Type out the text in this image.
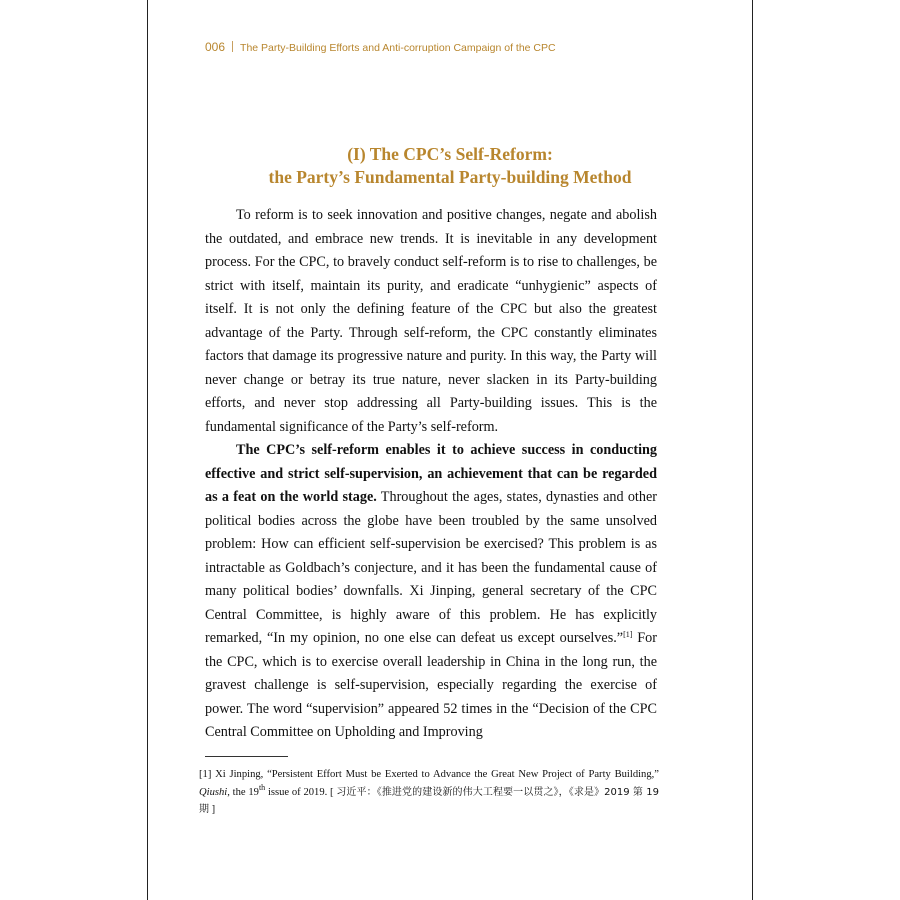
006 The Party-Building Efforts and Anti-corruption Campaign of the CPC
(I) The CPC’s Self-Reform:
the Party’s Fundamental Party-building Method

To reform is to seek innovation and positive changes, negate and abolish the outdated, and embrace new trends. It is inevitable in any development process. For the CPC, to bravely conduct self-reform is to rise to challenges, be strict with itself, maintain its purity, and eradicate “unhygienic” aspects of itself. It is not only the defining feature of the CPC but also the greatest advantage of the Party. Through self-reform, the CPC constantly eliminates factors that damage its progressive nature and purity. In this way, the Party will never change or betray its true nature, never slacken in its Party-building efforts, and never stop addressing all Party-building issues. This is the fundamental significance of the Party’s self-reform.

The CPC’s self-reform enables it to achieve success in conducting effective and strict self-supervision, an achievement that can be regarded as a feat on the world stage. Throughout the ages, states, dynasties and other political bodies across the globe have been troubled by the same unsolved problem: How can efficient self-supervision be exercised? This problem is as intractable as Goldbach’s conjecture, and it has been the fundamental cause of many political bodies’ downfalls. Xi Jinping, general secretary of the CPC Central Committee, is highly aware of this problem. He has explicitly remarked, “In my opinion, no one else can defeat us except ourselves.”[1] For the CPC, which is to exercise overall leadership in China in the long run, the gravest challenge is self-supervision, especially regarding the exercise of power. The word “supervision” appeared 52 times in the “Decision of the CPC Central Committee on Upholding and Improving

[1] Xi Jinping, “Persistent Effort Must be Exerted to Advance the Great New Project of Party Building,” Qiushi, the 19th issue of 2019. [ 习近平：《推进党的建设新的伟大工程要一以贯之》，《求是》2019 第 19 期 ]
